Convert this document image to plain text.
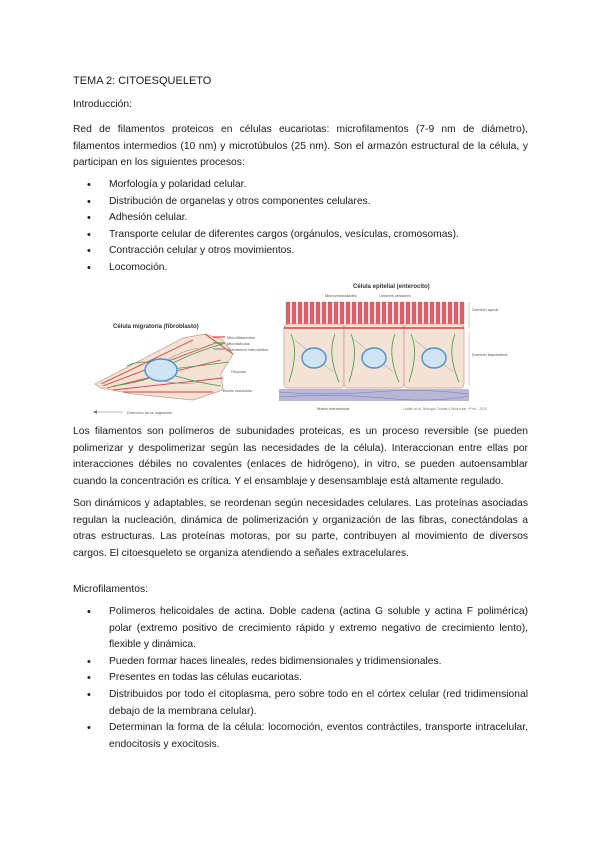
TEMA 2: CITOESQUELETO
Introducción:
Red de filamentos proteicos en células eucariotas: microfilamentos (7-9 nm de diámetro), filamentos intermedios (10 nm) y microtúbulos (25 nm). Son el armazón estructural de la célula, y participan en los siguientes procesos:
• Morfología y polaridad celular.
• Distribución de organelas y otros componentes celulares.
• Adhesión celular.
• Transporte celular de diferentes cargos (orgánulos, vesículas, cromosomas).
• Contracción celular y otros movimientos.
• Locomoción.
Célula migratoria (fibroblasto)
Microfilamentos
Microtúbulos
Filamentos intermedios
Filópodo
Borde conductor
Dirección de la migración
Célula epitelial (enterocito)
Microvellosidades	Uniones celulares
Dominio apical
Dominio basolateral
Matriz extracelular	Lodish et al. Biología Celular y Molecular, 9ª ed., 2023
Los filamentos son polímeros de subunidades proteicas, es un proceso reversible (se pueden polimerizar y despolimerizar según las necesidades de la célula). Interaccionan entre ellas por interacciones débiles no covalentes (enlaces de hidrógeno), in vitro, se pueden autoensamblar cuando la concentración es crítica. Y el ensamblaje y desensamblaje está altamente regulado.
Son dinámicos y adaptables, se reordenan según necesidades celulares. Las proteínas asociadas regulan la nucleación, dinámica de polimerización y organización de las fibras, conectándolas a otras estructuras. Las proteínas motoras, por su parte, contribuyen al movimiento de diversos cargos. El citoesqueleto se organiza atendiendo a señales extracelulares.
Microfilamentos:
• Polímeros helicoidales de actina. Doble cadena (actina G soluble y actina F polimérica) polar (extremo positivo de crecimiento rápido y extremo negativo de crecimiento lento), flexible y dinámica.
• Pueden formar haces lineales, redes bidimensionales y tridimensionales.
• Presentes en todas las células eucariotas.
• Distribuidos por todo el citoplasma, pero sobre todo en el córtex celular (red tridimensional debajo de la membrana celular).
• Determinan la forma de la célula: locomoción, eventos contráctiles, transporte intracelular, endocitosis y exocitosis.
